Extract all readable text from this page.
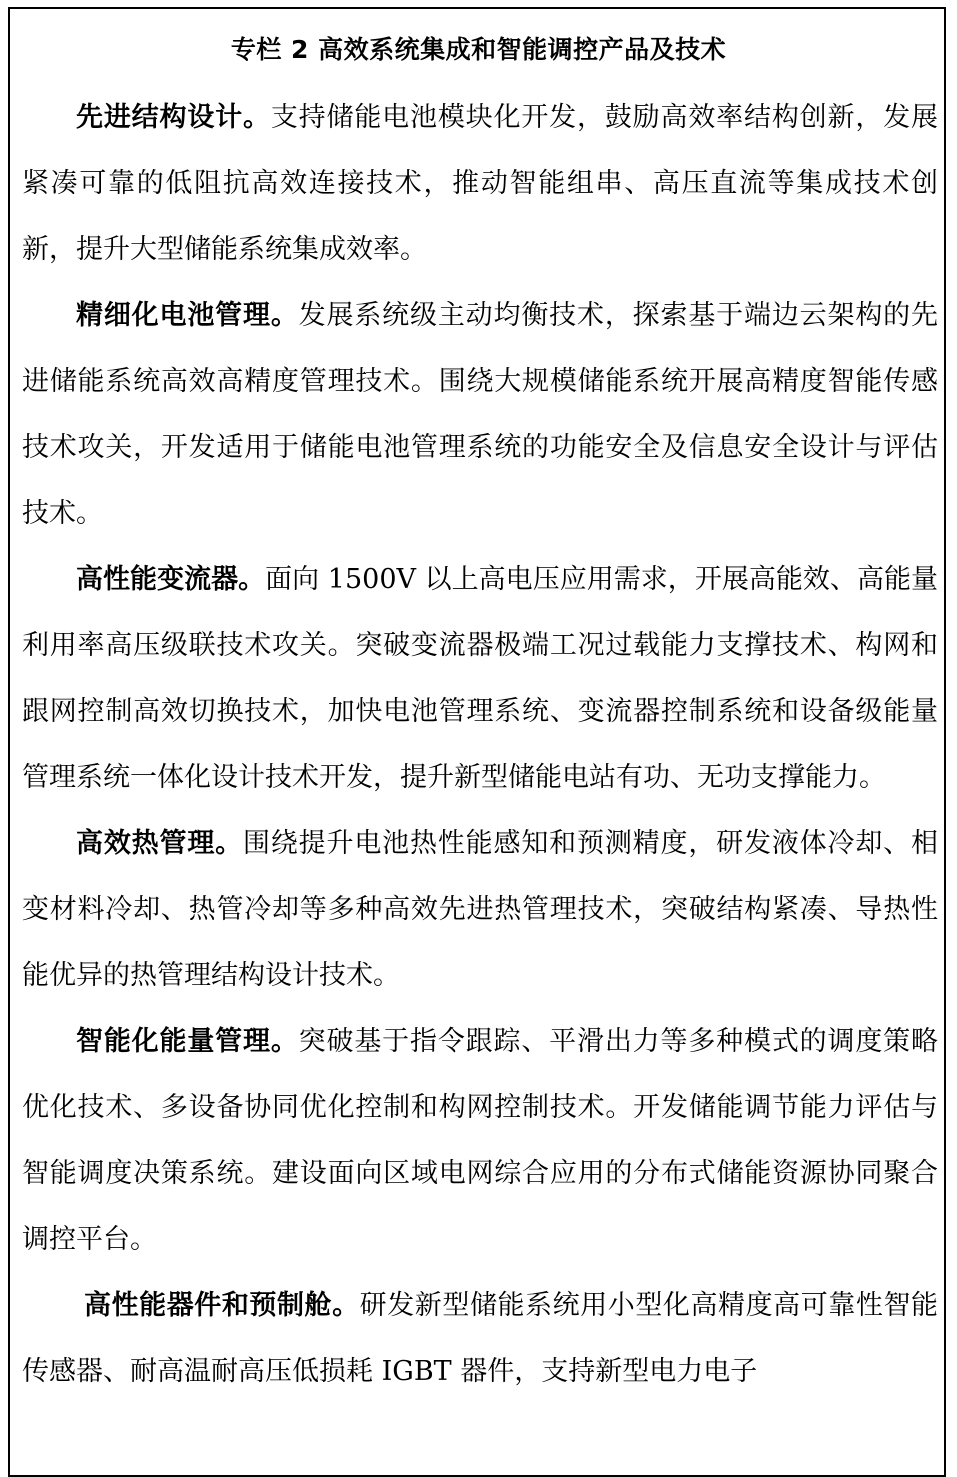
专栏 2 高效系统集成和智能调控产品及技术

先进结构设计。支持储能电池模块化开发，鼓励高效率结构创新，发展紧凑可靠的低阻抗高效连接技术，推动智能组串、高压直流等集成技术创新，提升大型储能系统集成效率。

精细化电池管理。发展系统级主动均衡技术，探索基于端边云架构的先进储能系统高效高精度管理技术。围绕大规模储能系统开展高精度智能传感技术攻关，开发适用于储能电池管理系统的功能安全及信息安全设计与评估技术。

高性能变流器。面向 1500V 以上高电压应用需求，开展高能效、高能量利用率高压级联技术攻关。突破变流器极端工况过载能力支撑技术、构网和跟网控制高效切换技术，加快电池管理系统、变流器控制系统和设备级能量管理系统一体化设计技术开发，提升新型储能电站有功、无功支撑能力。

高效热管理。围绕提升电池热性能感知和预测精度，研发液体冷却、相变材料冷却、热管冷却等多种高效先进热管理技术，突破结构紧凑、导热性能优异的热管理结构设计技术。

智能化能量管理。突破基于指令跟踪、平滑出力等多种模式的调度策略优化技术、多设备协同优化控制和构网控制技术。开发储能调节能力评估与智能调度决策系统。建设面向区域电网综合应用的分布式储能资源协同聚合调控平台。

高性能器件和预制舱。研发新型储能系统用小型化高精度高可靠性智能传感器、耐高温耐高压低损耗 IGBT 器件，支持新型电力电子
